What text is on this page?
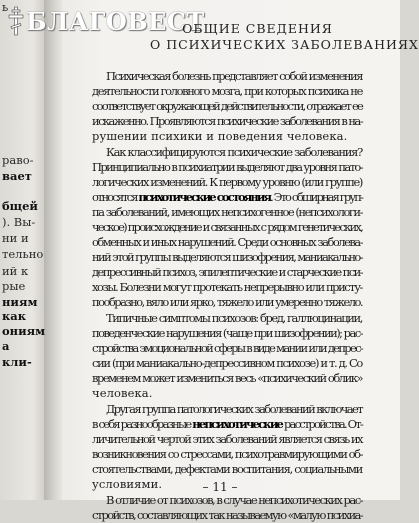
БЛАГОВЕСТ
ь
раво-
вает
бщей
). Вы-
ни и
тельно
ий к
рые
ниям
как
ониям
а
кли-
ОБЩИЕ СВЕДЕНИЯ
О ПСИХИЧЕСКИХ ЗАБОЛЕВАНИЯХ
Психическая болезнь представляет собой изменения
деятельности головного мозга, при которых психика не
соответствует окружающей действительности, отражает ее
искаженно. Проявляются психические заболевания в на-
рушении психики и поведения человека.
Как классифицируются психические заболевания?
Принципиально в психиатрии выделяют два уровня пато-
логических изменений. К первому уровню (или группе)
относятся психотические состояния. Это обширная груп-
па заболеваний, имеющих непсихогенное (непсихологи-
ческое) происхождение и связанных с рядом генетических,
обменных и иных нарушений. Среди основных заболева-
ний этой группы выделяются шизофрения, маниакально-
депрессивный психоз, эпилептические и старческие пси-
хозы. Болезни могут протекать непрерывно или присту-
пообразно, вяло или ярко, тяжело или умеренно тяжело.
Типичные симптомы психозов: бред, галлюцинации,
поведенческие нарушения (чаще при шизофрении); рас-
стройства эмоциональной сферы в виде мании или депрес-
сии (при маниакально-депрессивном психозе) и т. д. Со
временем может измениться весь «психический облик»
человека.
Другая группа патологических заболеваний включает
в себя разнообразные непсихотические расстройства. От-
личительной чертой этих заболеваний является связь их
возникновения со стрессами, психотравмирующими об-
стоятельствами, дефектами воспитания, социальными
условиями.
В отличие от психозов, в случае непсихотических рас-
стройств, составляющих так называемую «малую психиа-
– 11 –
